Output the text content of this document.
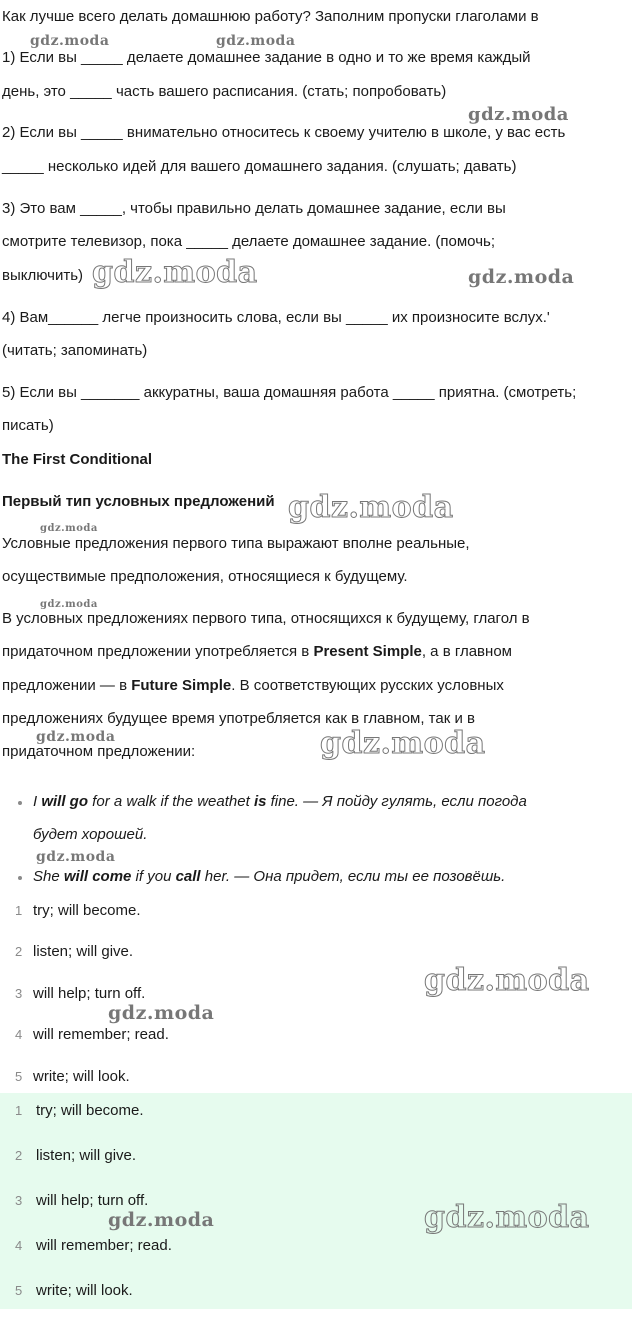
Как лучше всего делать домашнюю работу? Заполним пропуски глаголами в
1) Если вы _____ делаете домашнее задание в одно и то же время каждый
день, это _____ часть вашего расписания. (стать; попробовать)
2) Если вы _____ внимательно относитесь к своему учителю в школе, у вас есть
_____ несколько идей для вашего домашнего задания. (слушать; давать)
3) Это вам _____, чтобы правильно делать домашнее задание, если вы
смотрите телевизор, пока _____ делаете домашнее задание. (помочь;
выключить)
4) Вам______ легче произносить слова, если вы _____ их произносите вслух.'
(читать; запоминать)
5) Если вы _______ аккуратны, ваша домашняя работа _____ приятна. (смотреть;
писать)
The First Conditional
Первый тип условных предложений
Условные предложения первого типа выражают вполне реальные,
осуществимые предположения, относящиеся к будущему.
В условных предложениях первого типа, относящихся к будущему, глагол в
придаточном предложении употребляется в Present Simple, а в главном
предложении — в Future Simple. В соответствующих русских условных
предложениях будущее время употребляется как в главном, так и в
придаточном предложении:
I will go for a walk if the weathet is fine. — Я пойду гулять, если погода
будет хорошей.
She will come if you call her. — Она придет, если ты ее позовёшь.
1 try; will become.
2 listen; will give.
3 will help; turn off.
4 will remember; read.
5 write; will look.
1 try; will become.
2 listen; will give.
3 will help; turn off.
4 will remember; read.
5 write; will look.
gdz.moda	gdz.moda
gdz.moda
gdz.moda	gdz.moda
gdz.moda
gdz.moda
gdz.moda
gdz.moda	gdz.moda
gdz.moda
gdz.moda
gdz.moda
gdz.moda	gdz.moda
